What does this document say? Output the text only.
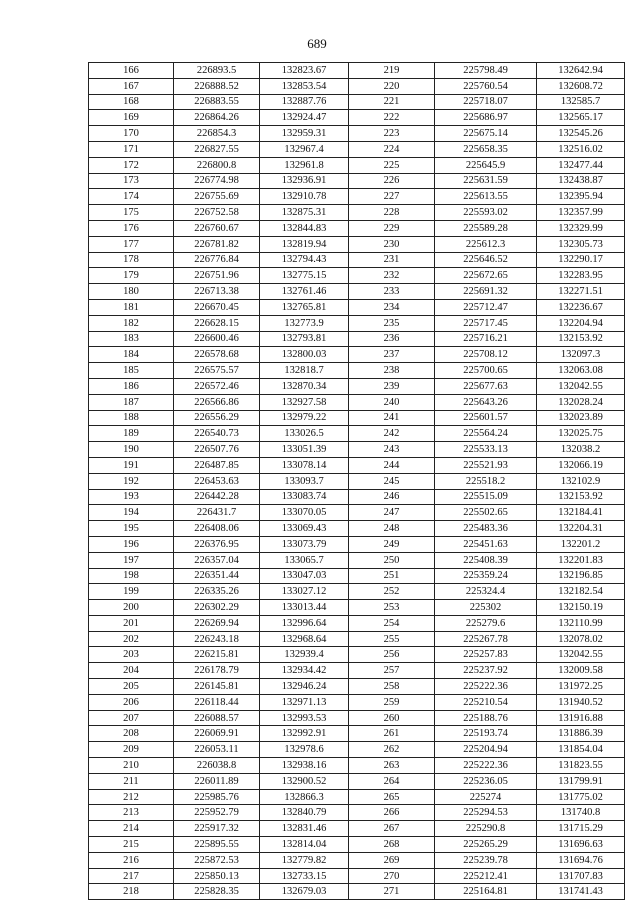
689
166	226893.5	132823.67	219	225798.49	132642.94
167	226888.52	132853.54	220	225760.54	132608.72
168	226883.55	132887.76	221	225718.07	132585.7
169	226864.26	132924.47	222	225686.97	132565.17
170	226854.3	132959.31	223	225675.14	132545.26
171	226827.55	132967.4	224	225658.35	132516.02
172	226800.8	132961.8	225	225645.9	132477.44
173	226774.98	132936.91	226	225631.59	132438.87
174	226755.69	132910.78	227	225613.55	132395.94
175	226752.58	132875.31	228	225593.02	132357.99
176	226760.67	132844.83	229	225589.28	132329.99
177	226781.82	132819.94	230	225612.3	132305.73
178	226776.84	132794.43	231	225646.52	132290.17
179	226751.96	132775.15	232	225672.65	132283.95
180	226713.38	132761.46	233	225691.32	132271.51
181	226670.45	132765.81	234	225712.47	132236.67
182	226628.15	132773.9	235	225717.45	132204.94
183	226600.46	132793.81	236	225716.21	132153.92
184	226578.68	132800.03	237	225708.12	132097.3
185	226575.57	132818.7	238	225700.65	132063.08
186	226572.46	132870.34	239	225677.63	132042.55
187	226566.86	132927.58	240	225643.26	132028.24
188	226556.29	132979.22	241	225601.57	132023.89
189	226540.73	133026.5	242	225564.24	132025.75
190	226507.76	133051.39	243	225533.13	132038.2
191	226487.85	133078.14	244	225521.93	132066.19
192	226453.63	133093.7	245	225518.2	132102.9
193	226442.28	133083.74	246	225515.09	132153.92
194	226431.7	133070.05	247	225502.65	132184.41
195	226408.06	133069.43	248	225483.36	132204.31
196	226376.95	133073.79	249	225451.63	132201.2
197	226357.04	133065.7	250	225408.39	132201.83
198	226351.44	133047.03	251	225359.24	132196.85
199	226335.26	133027.12	252	225324.4	132182.54
200	226302.29	133013.44	253	225302	132150.19
201	226269.94	132996.64	254	225279.6	132110.99
202	226243.18	132968.64	255	225267.78	132078.02
203	226215.81	132939.4	256	225257.83	132042.55
204	226178.79	132934.42	257	225237.92	132009.58
205	226145.81	132946.24	258	225222.36	131972.25
206	226118.44	132971.13	259	225210.54	131940.52
207	226088.57	132993.53	260	225188.76	131916.88
208	226069.91	132992.91	261	225193.74	131886.39
209	226053.11	132978.6	262	225204.94	131854.04
210	226038.8	132938.16	263	225222.36	131823.55
211	226011.89	132900.52	264	225236.05	131799.91
212	225985.76	132866.3	265	225274	131775.02
213	225952.79	132840.79	266	225294.53	131740.8
214	225917.32	132831.46	267	225290.8	131715.29
215	225895.55	132814.04	268	225265.29	131696.63
216	225872.53	132779.82	269	225239.78	131694.76
217	225850.13	132733.15	270	225212.41	131707.83
218	225828.35	132679.03	271	225164.81	131741.43
